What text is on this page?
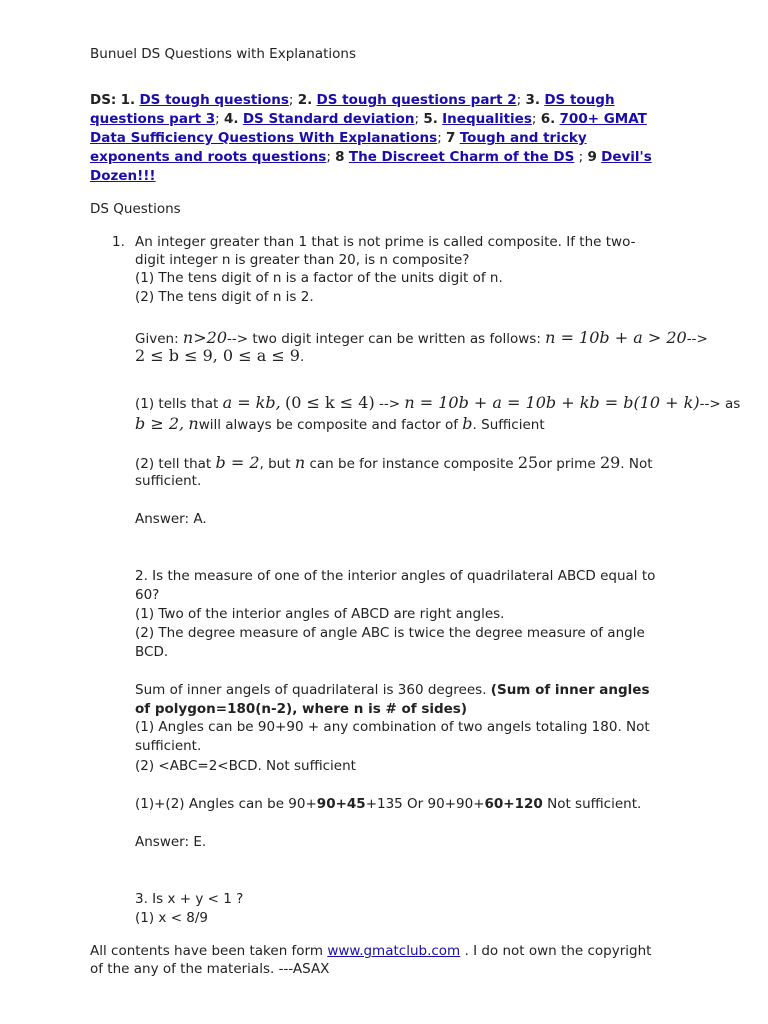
Bunuel DS Questions with Explanations
DS: 1. DS tough questions; 2. DS tough questions part 2; 3. DS tough
questions part 3; 4. DS Standard deviation; 5. Inequalities; 6. 700+ GMAT
Data Sufficiency Questions With Explanations; 7 Tough and tricky
exponents and roots questions; 8 The Discreet Charm of the DS ; 9 Devil's
Dozen!!!
DS Questions
1. An integer greater than 1 that is not prime is called composite. If the two-
digit integer n is greater than 20, is n composite?
(1) The tens digit of n is a factor of the units digit of n.
(2) The tens digit of n is 2.
Given: n>20--> two digit integer can be written as follows: n = 10b + a > 20-->
2 ≤ b ≤ 9, 0 ≤ a ≤ 9.
(1) tells that a = kb, (0 ≤ k ≤ 4) --> n = 10b + a = 10b + kb = b(10 + k)--> as
b ≥ 2, nwill always be composite and factor of b. Sufficient
(2) tell that b = 2, but n can be for instance composite 25or prime 29. Not
sufficient.
Answer: A.
2. Is the measure of one of the interior angles of quadrilateral ABCD equal to
60?
(1) Two of the interior angles of ABCD are right angles.
(2) The degree measure of angle ABC is twice the degree measure of angle
BCD.
Sum of inner angels of quadrilateral is 360 degrees. (Sum of inner angles
of polygon=180(n-2), where n is # of sides)
(1) Angles can be 90+90 + any combination of two angels totaling 180. Not
sufficient.
(2) <ABC=2<BCD. Not sufficient
(1)+(2) Angles can be 90+90+45+135 Or 90+90+60+120 Not sufficient.
Answer: E.
3. Is x + y < 1 ?
(1) x < 8/9
All contents have been taken form www.gmatclub.com . I do not own the copyright
of the any of the materials. ---ASAX
